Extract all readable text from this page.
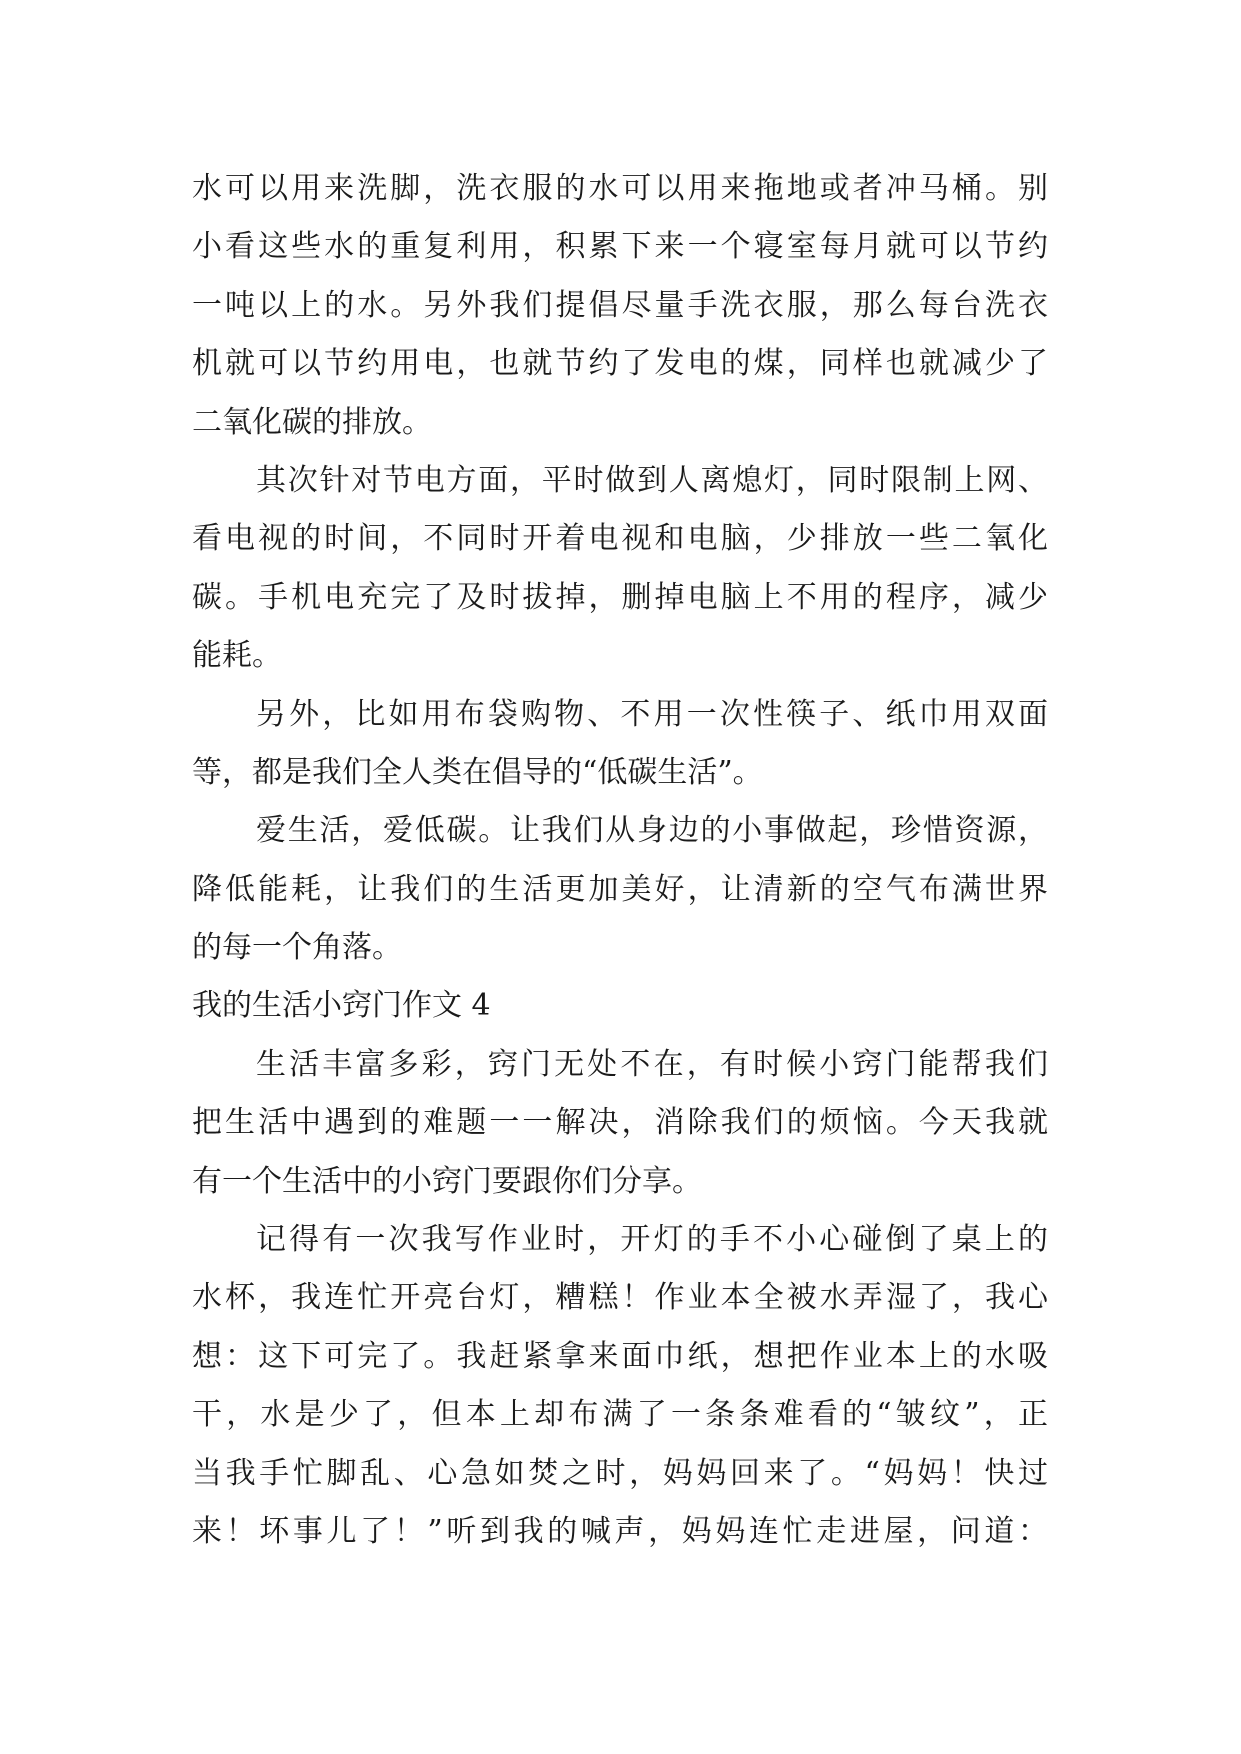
水可以用来洗脚，洗衣服的水可以用来拖地或者冲马桶。别
小看这些水的重复利用，积累下来一个寝室每月就可以节约
一吨以上的水。另外我们提倡尽量手洗衣服，那么每台洗衣
机就可以节约用电，也就节约了发电的煤，同样也就减少了
二氧化碳的排放。
其次针对节电方面，平时做到人离熄灯，同时限制上网、
看电视的时间，不同时开着电视和电脑，少排放一些二氧化
碳。手机电充完了及时拔掉，删掉电脑上不用的程序，减少
能耗。
另外，比如用布袋购物、不用一次性筷子、纸巾用双面
等，都是我们全人类在倡导的“低碳生活”。
爱生活，爱低碳。让我们从身边的小事做起，珍惜资源，
降低能耗，让我们的生活更加美好，让清新的空气布满世界
的每一个角落。
我的生活小窍门作文 4
生活丰富多彩，窍门无处不在，有时候小窍门能帮我们
把生活中遇到的难题一一解决，消除我们的烦恼。今天我就
有一个生活中的小窍门要跟你们分享。
记得有一次我写作业时，开灯的手不小心碰倒了桌上的
水杯，我连忙开亮台灯，糟糕！作业本全被水弄湿了，我心
想：这下可完了。我赶紧拿来面巾纸，想把作业本上的水吸
干，水是少了，但本上却布满了一条条难看的“皱纹”，正
当我手忙脚乱、心急如焚之时，妈妈回来了。“妈妈！快过
来！坏事儿了！”听到我的喊声，妈妈连忙走进屋，问道：
